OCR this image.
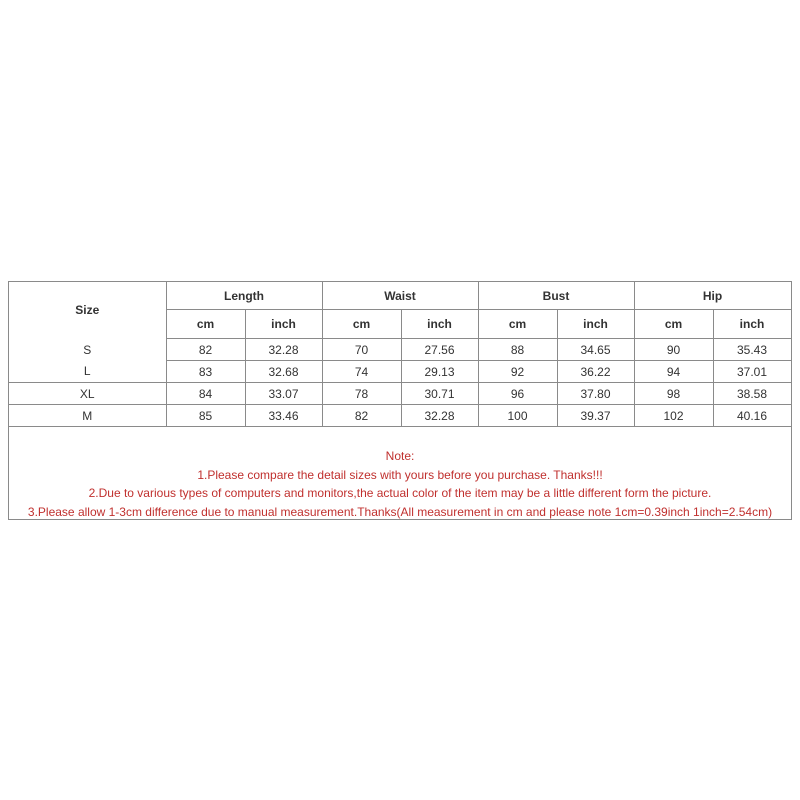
Size	Length		Waist		Bust		Hip	
	cm	inch	cm	inch	cm	inch	cm	inch
S	82	32.28	70	27.56	88	34.65	90	35.43
L	83	32.68	74	29.13	92	36.22	94	37.01
XL	84	33.07	78	30.71	96	37.80	98	38.58
M	85	33.46	82	32.28	100	39.37	102	40.16
Note:
1.Please compare the detail sizes with yours before you purchase. Thanks!!!
2.Due to various types of computers and monitors,the actual color of the item may be a little different form the picture.
3.Please allow 1-3cm difference due to manual measurement.Thanks(All measurement in cm and please note 1cm=0.39inch 1inch=2.54cm)
